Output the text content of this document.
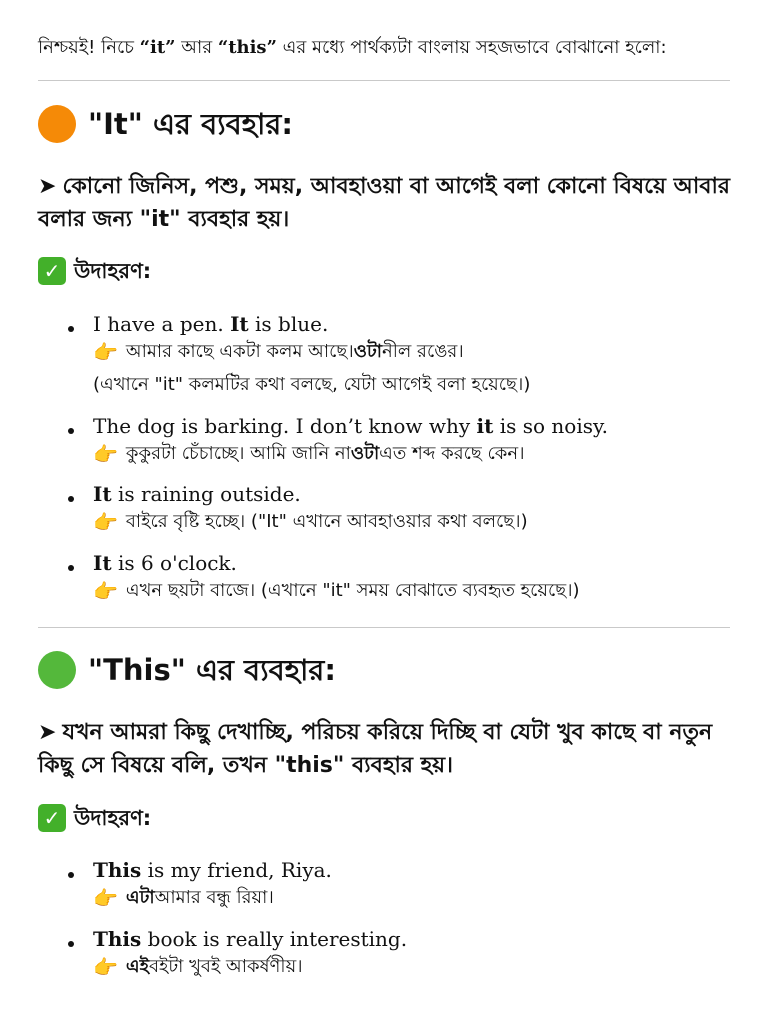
নিশ্চয়ই! নিচে “it” আর “this” এর মধ্যে পার্থক্যটা বাংলায় সহজভাবে বোঝানো হলো:
"It" এর ব্যবহার:
➤ কোনো জিনিস, পশু, সময়, আবহাওয়া বা আগেই বলা কোনো বিষয়ে আবার বলার জন্য "it" ব্যবহার হয়।
✓ উদাহরণ:
I have a pen. It is blue.
👉 আমার কাছে একটা কলম আছে। ওটা নীল রঙের।
(এখানে "it" কলমটির কথা বলছে, যেটা আগেই বলা হয়েছে।)
The dog is barking. I don’t know why it is so noisy.
👉 কুকুরটা চেঁচাচ্ছে। আমি জানি না ওটা এত শব্দ করছে কেন।
It is raining outside.
👉 বাইরে বৃষ্টি হচ্ছে। ("It" এখানে আবহাওয়ার কথা বলছে।)
It is 6 o'clock.
👉 এখন ছয়টা বাজে। (এখানে "it" সময় বোঝাতে ব্যবহৃত হয়েছে।)
"This" এর ব্যবহার:
➤ যখন আমরা কিছু দেখাচ্ছি, পরিচয় করিয়ে দিচ্ছি বা যেটা খুব কাছে বা নতুন কিছু সে বিষয়ে বলি, তখন "this" ব্যবহার হয়।
✓ উদাহরণ:
This is my friend, Riya.
👉 এটা আমার বন্ধু রিয়া।
This book is really interesting.
👉 এই বইটা খুবই আকর্ষণীয়।
